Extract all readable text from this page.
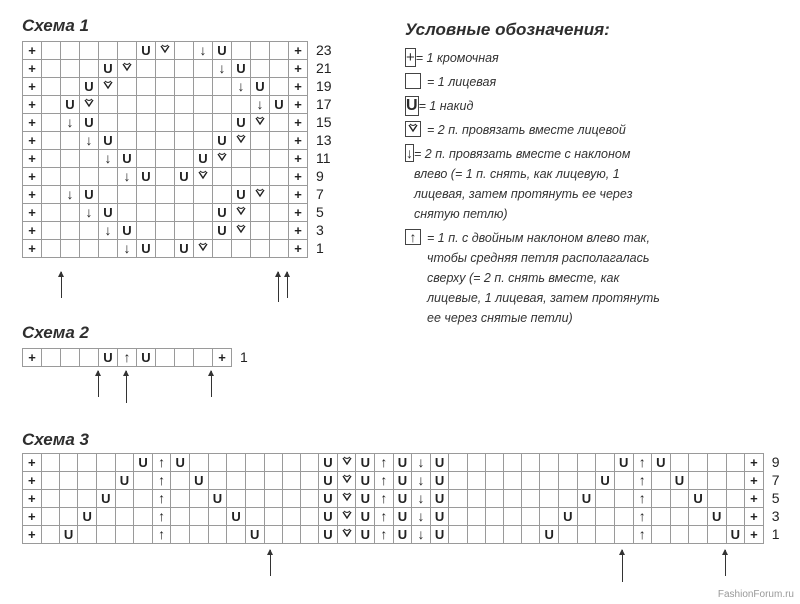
Схема 1
+						U			↓	U				+	23
+				U						↓	U			+	21
+			U								↓	U		+	19
+		U										↓	U	+	17
+		↓	U								U			+	15
+			↓	U						U				+	13
+				↓	U				U					+	11
+					↓	U		U						+	9
+		↓	U								U			+	7
+			↓	U						U				+	5
+				↓	U					U				+	3
+					↓	U		U						+	1
Схема 2
+				U	↑	U				+	1
Схема 3
+						U	↑	U								U		U	↑	U	↓	U										U	↑	U					+	9
+					U		↑		U							U		U	↑	U	↓	U									U		↑		U				+	7
+				U			↑			U						U		U	↑	U	↓	U								U			↑			U			+	5
+			U				↑				U					U		U	↑	U	↓	U							U				↑				U		+	3
+		U					↑					U				U		U	↑	U	↓	U						U					↑					U	+	1
Условные обозначения:
+ = 1 кромочная
= 1 лицевая
U = 1 накид
= 2 п. провязать вместе лицевой
↓ = 2 п. провязать вместе с наклоном влево (= 1 п. снять, как лицевую, 1 лицевая, затем протянуть ее через снятую петлю)
↑ = 1 п. с двойным наклоном влево так, чтобы средняя петля располагалась сверху (= 2 п. снять вместе, как лицевые, 1 лицевая, затем протянуть ее через снятые петли)
FashionForum.ru
